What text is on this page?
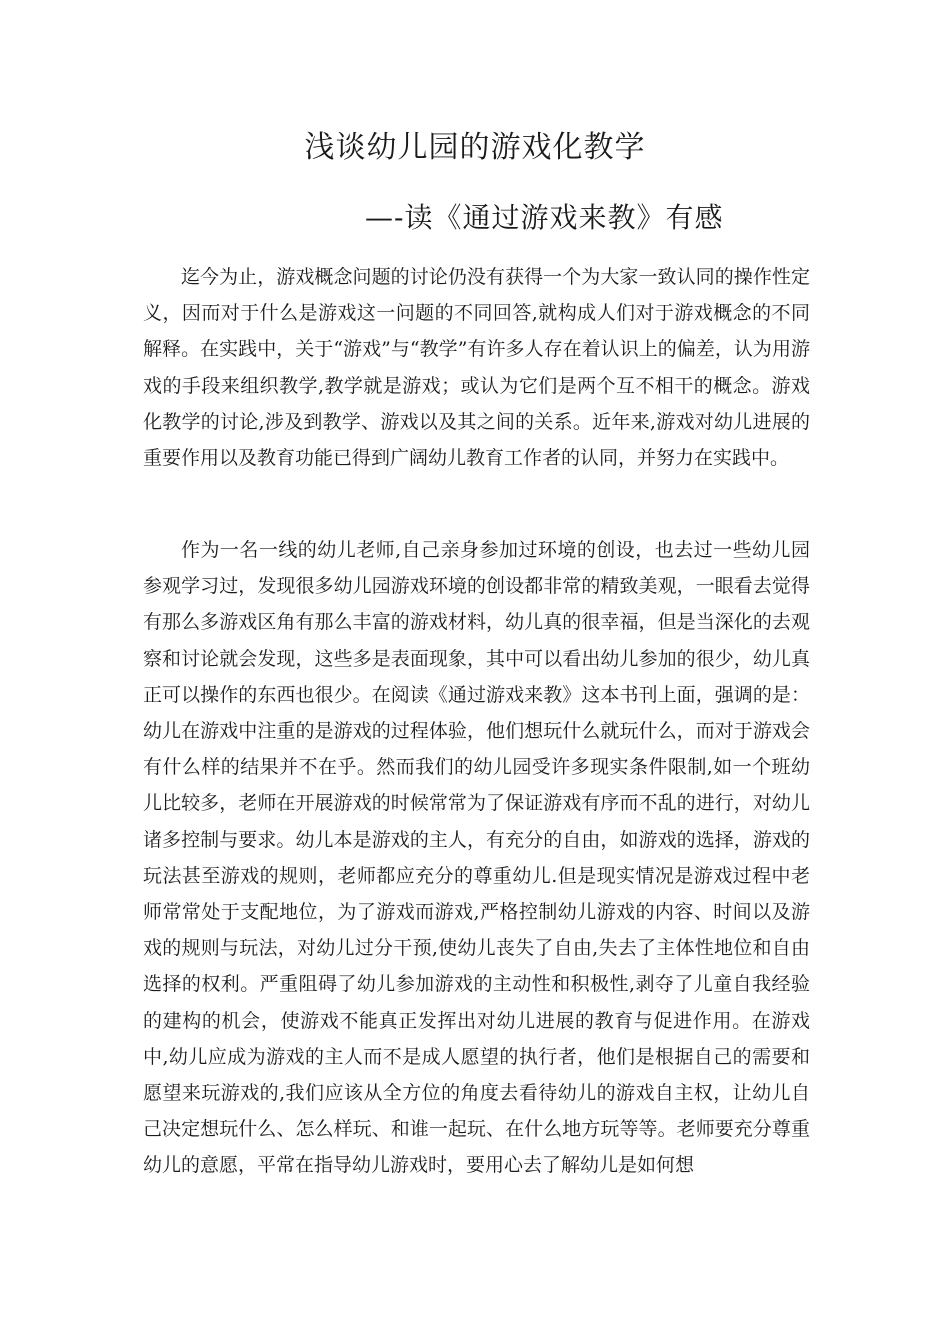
浅谈幼儿园的游戏化教学
—-读《通过游戏来教》有感

迄今为止，游戏概念问题的讨论仍没有获得一个为大家一致认同的操作性定义，因而对于什么是游戏这一问题的不同回答,就构成人们对于游戏概念的不同解释。在实践中，关于“游戏”与“教学”有许多人存在着认识上的偏差，认为用游戏的手段来组织教学,教学就是游戏；或认为它们是两个互不相干的概念。游戏化教学的讨论,涉及到教学、游戏以及其之间的关系。近年来,游戏对幼儿进展的重要作用以及教育功能已得到广阔幼儿教育工作者的认同，并努力在实践中。

作为一名一线的幼儿老师,自己亲身参加过环境的创设，也去过一些幼儿园参观学习过，发现很多幼儿园游戏环境的创设都非常的精致美观，一眼看去觉得有那么多游戏区角有那么丰富的游戏材料，幼儿真的很幸福，但是当深化的去观察和讨论就会发现，这些多是表面现象，其中可以看出幼儿参加的很少，幼儿真正可以操作的东西也很少。在阅读《通过游戏来教》这本书刊上面，强调的是：幼儿在游戏中注重的是游戏的过程体验，他们想玩什么就玩什么，而对于游戏会有什么样的结果并不在乎。然而我们的幼儿园受许多现实条件限制,如一个班幼儿比较多，老师在开展游戏的时候常常为了保证游戏有序而不乱的进行，对幼儿诸多控制与要求。幼儿本是游戏的主人，有充分的自由，如游戏的选择，游戏的玩法甚至游戏的规则，老师都应充分的尊重幼儿.但是现实情况是游戏过程中老师常常处于支配地位，为了游戏而游戏,严格控制幼儿游戏的内容、时间以及游戏的规则与玩法，对幼儿过分干预,使幼儿丧失了自由,失去了主体性地位和自由选择的权利。严重阻碍了幼儿参加游戏的主动性和积极性,剥夺了儿童自我经验的建构的机会，使游戏不能真正发挥出对幼儿进展的教育与促进作用。在游戏中,幼儿应成为游戏的主人而不是成人愿望的执行者，他们是根据自己的需要和愿望来玩游戏的,我们应该从全方位的角度去看待幼儿的游戏自主权，让幼儿自己决定想玩什么、怎么样玩、和谁一起玩、在什么地方玩等等。老师要充分尊重幼儿的意愿，平常在指导幼儿游戏时，要用心去了解幼儿是如何想
